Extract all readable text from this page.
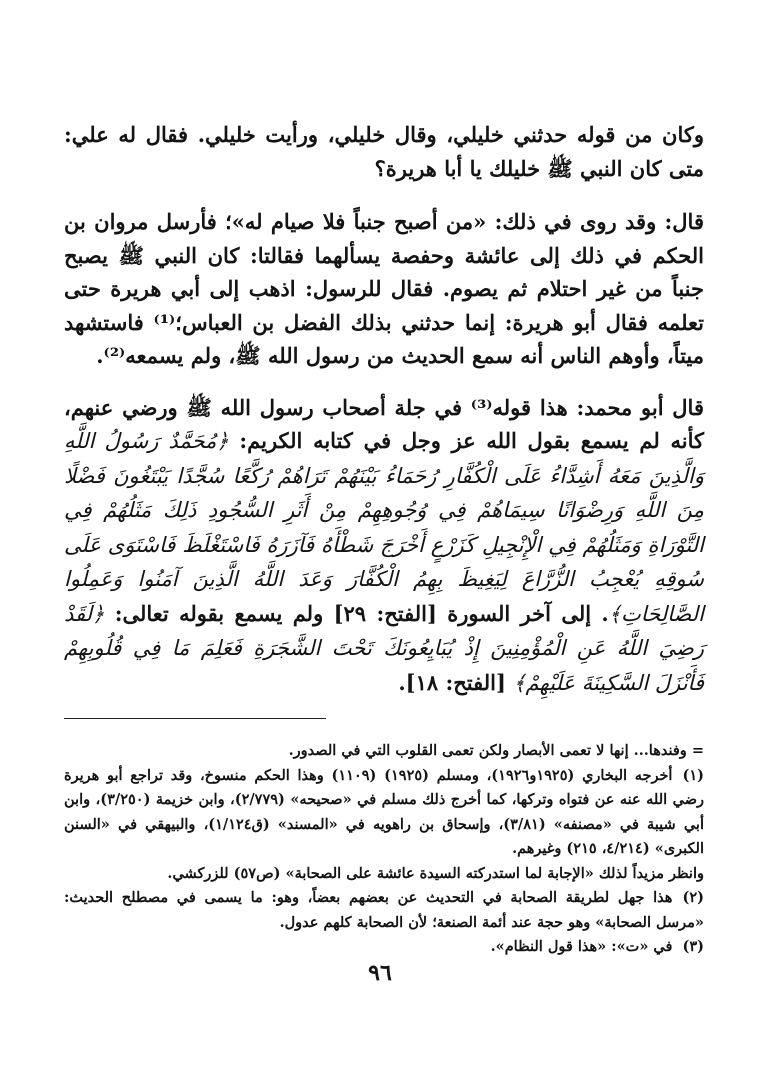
وكان من قوله حدثني خليلي، وقال خليلي، ورأيت خليلي. فقال له علي: متى كان النبي ﷺ خليلك يا أبا هريرة؟

قال: وقد روى في ذلك: «من أصبح جنباً فلا صيام له»؛ فأرسل مروان بن الحكم في ذلك إلى عائشة وحفصة يسألهما فقالتا: كان النبي ﷺ يصبح جنباً من غير احتلام ثم يصوم. فقال للرسول: اذهب إلى أبي هريرة حتى تعلمه فقال أبو هريرة: إنما حدثني بذلك الفضل بن العباس؛⁽¹⁾ فاستشهد ميتاً، وأوهم الناس أنه سمع الحديث من رسول الله ﷺ، ولم يسمعه⁽²⁾.

قال أبو محمد: هذا قوله⁽³⁾ في جلة أصحاب رسول الله ﷺ ورضي عنهم، كأنه لم يسمع بقول الله عز وجل في كتابه الكريم: ﴿مُحَمَّدٌ رَسُولُ اللَّهِ وَالَّذِينَ مَعَهُ أَشِدَّاءُ عَلَى الْكُفَّارِ رُحَمَاءُ بَيْنَهُمْ تَرَاهُمْ رُكَّعًا سُجَّدًا يَبْتَغُونَ فَضْلًا مِنَ اللَّهِ وَرِضْوَانًا سِيمَاهُمْ فِي وُجُوهِهِمْ مِنْ أَثَرِ السُّجُودِ ذَلِكَ مَثَلُهُمْ فِي التَّوْرَاةِ وَمَثَلُهُمْ فِي الْإِنْجِيلِ كَزَرْعٍ أَخْرَجَ شَطْأَهُ فَآزَرَهُ فَاسْتَغْلَظَ فَاسْتَوَى عَلَى سُوقِهِ يُعْجِبُ الزُّرَّاعَ لِيَغِيظَ بِهِمُ الْكُفَّارَ وَعَدَ اللَّهُ الَّذِينَ آمَنُوا وَعَمِلُوا الصَّالِحَاتِ﴾. إلى آخر السورة [الفتح: ٢٩] ولم يسمع بقوله تعالى: ﴿لَقَدْ رَضِيَ اللَّهُ عَنِ الْمُؤْمِنِينَ إِذْ يُبَايِعُونَكَ تَحْتَ الشَّجَرَةِ فَعَلِمَ مَا فِي قُلُوبِهِمْ فَأَنْزَلَ السَّكِينَةَ عَلَيْهِمْ﴾ [الفتح: ١٨].

= وفندها... إنها لا تعمى الأبصار ولكن تعمى القلوب التي في الصدور.

(١)أخرجه البخاري (١٩٢٥و١٩٢٦)، ومسلم (١٩٢٥) (١١٠٩) وهذا الحكم منسوخ، وقد تراجع أبو هريرة رضي الله عنه عن فتواه وتركها، كما أخرج ذلك مسلم في «صحيحه» (٢/٧٧٩)، وابن خزيمة (٣/٢٥٠)، وابن أبي شيبة في «مصنفه» (٣/٨١)، وإسحاق بن راهويه في «المسند» (ق١/١٢٤)، والبيهقي في «السنن الكبرى» (٤/٢١٤، ٢١٥) وغيرهم.

وانظر مزيداً لذلك «الإجابة لما استدركته السيدة عائشة على الصحابة» (ص٥٧) للزركشي.

(٢)هذا جهل لطريقة الصحابة في التحديث عن بعضهم بعضاً، وهو: ما يسمى في مصطلح الحديث: «مرسل الصحابة» وهو حجة عند أئمة الصنعة؛ لأن الصحابة كلهم عدول.

(٣)في «ت»: «هذا قول النظام».

٩٦
